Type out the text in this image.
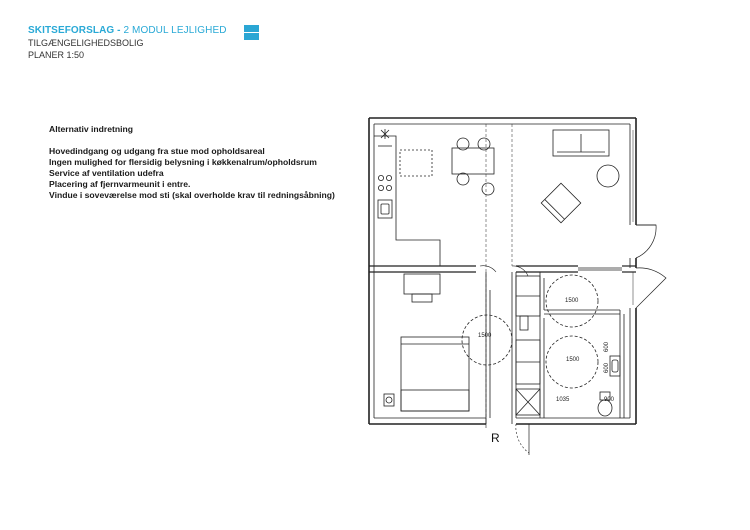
SKITSEFORSLAG - 2 MODUL LEJLIGHED
TILGÆNGELIGHEDSBOLIG
PLANER 1:50
Alternativ indretning
Hovedindgang og udgang fra stue mod opholdsareal
Ingen mulighed for flersidig belysning i køkkenalrum/opholdsrum
Service af ventilation udefra
Placering af fjernvarmeunit i entre.
Vindue i soveværelse mod sti (skal overholde krav til redningsåbning)
1500
1500
1500
600
600
1035	900
R
